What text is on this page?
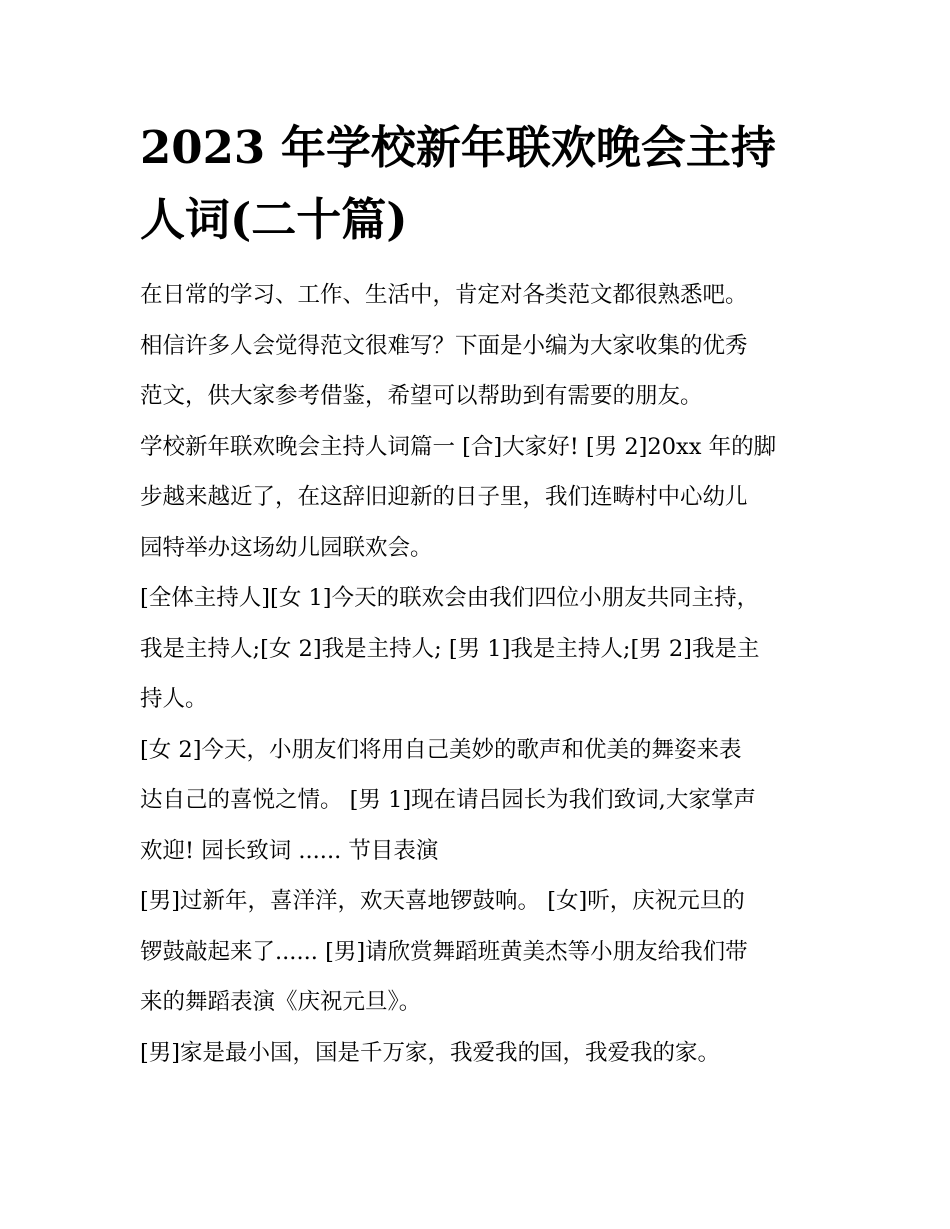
2023 年学校新年联欢晚会主持
人词(二十篇)

在日常的学习、工作、生活中，肯定对各类范文都很熟悉吧。
相信许多人会觉得范文很难写？下面是小编为大家收集的优秀
范文，供大家参考借鉴，希望可以帮助到有需要的朋友。

学校新年联欢晚会主持人词篇一 [合]大家好! [男 2]20xx 年的脚
步越来越近了，在这辞旧迎新的日子里，我们连畴村中心幼儿
园特举办这场幼儿园联欢会。

[全体主持人][女 1]今天的联欢会由我们四位小朋友共同主持，
我是主持人;[女 2]我是主持人; [男 1]我是主持人;[男 2]我是主
持人。

[女 2]今天，小朋友们将用自己美妙的歌声和优美的舞姿来表
达自己的喜悦之情。 [男 1]现在请吕园长为我们致词,大家掌声
欢迎! 园长致词 ...... 节目表演

[男]过新年，喜洋洋，欢天喜地锣鼓响。 [女]听，庆祝元旦的
锣鼓敲起来了...... [男]请欣赏舞蹈班黄美杰等小朋友给我们带
来的舞蹈表演《庆祝元旦》。

[男]家是最小国，国是千万家，我爱我的国，我爱我的家。
